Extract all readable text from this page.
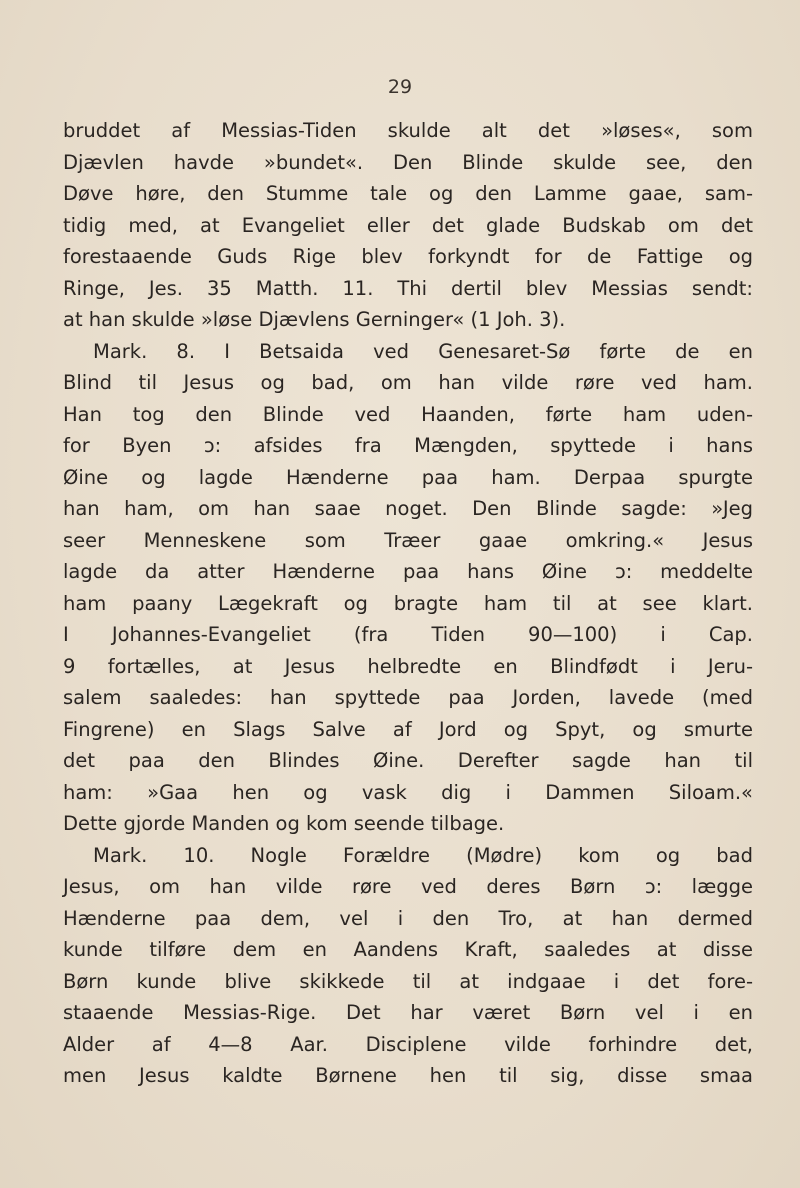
29
bruddet af Messias-Tiden skulde alt det »løses«, som
Djævlen havde »bundet«. Den Blinde skulde see, den
Døve høre, den Stumme tale og den Lamme gaae, sam-
tidig med, at Evangeliet eller det glade Budskab om det
forestaaende Guds Rige blev forkyndt for de Fattige og
Ringe, Jes. 35 Matth. 11. Thi dertil blev Messias sendt:
at han skulde »løse Djævlens Gerninger« (1 Joh. 3).
Mark. 8. I Betsaida ved Genesaret-Sø førte de en
Blind til Jesus og bad, om han vilde røre ved ham.
Han tog den Blinde ved Haanden, førte ham uden-
for Byen ɔ: afsides fra Mængden, spyttede i hans
Øine og lagde Hænderne paa ham. Derpaa spurgte
han ham, om han saae noget. Den Blinde sagde: »Jeg
seer Menneskene som Træer gaae omkring.« Jesus
lagde da atter Hænderne paa hans Øine ɔ: meddelte
ham paany Lægekraft og bragte ham til at see klart.
I Johannes-Evangeliet (fra Tiden 90—100) i Cap.
9 fortælles, at Jesus helbredte en Blindfødt i Jeru-
salem saaledes: han spyttede paa Jorden, lavede (med
Fingrene) en Slags Salve af Jord og Spyt, og smurte
det paa den Blindes Øine. Derefter sagde han til
ham: »Gaa hen og vask dig i Dammen Siloam.«
Dette gjorde Manden og kom seende tilbage.
Mark. 10. Nogle Forældre (Mødre) kom og bad
Jesus, om han vilde røre ved deres Børn ɔ: lægge
Hænderne paa dem, vel i den Tro, at han dermed
kunde tilføre dem en Aandens Kraft, saaledes at disse
Børn kunde blive skikkede til at indgaae i det fore-
staaende Messias-Rige. Det har været Børn vel i en
Alder af 4—8 Aar. Disciplene vilde forhindre det,
men Jesus kaldte Børnene hen til sig, disse smaa
